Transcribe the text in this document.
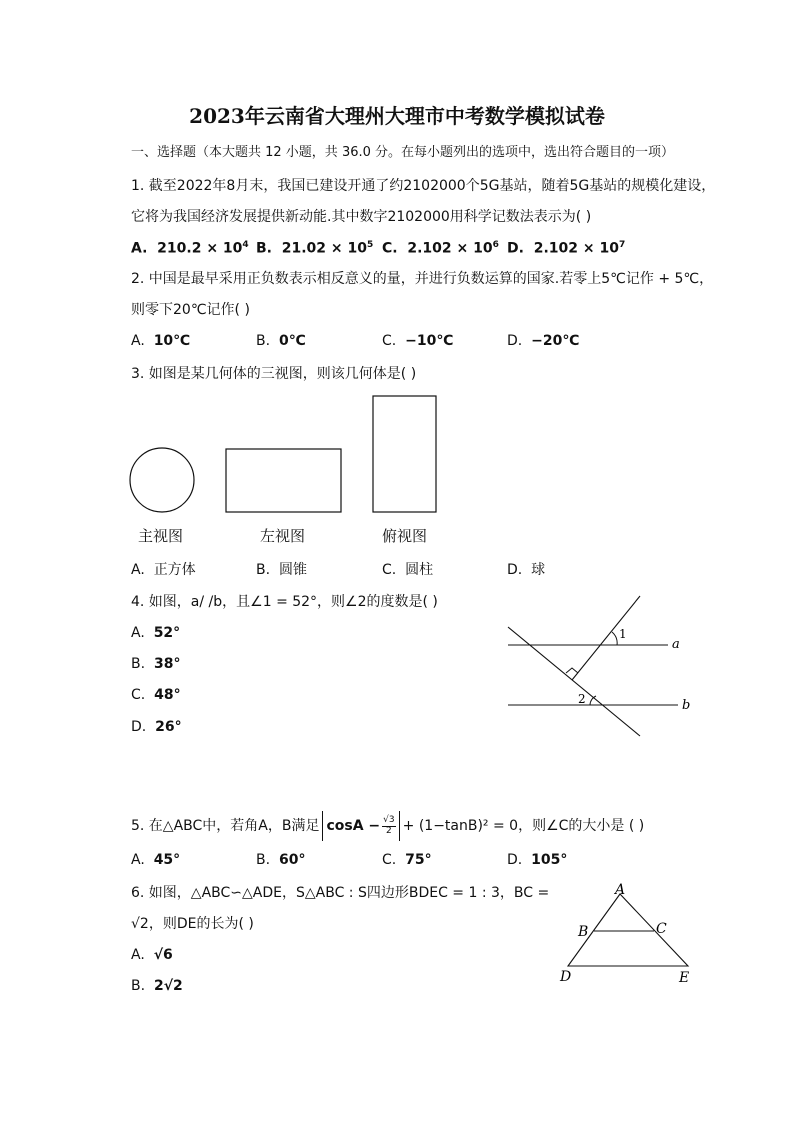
2023年云南省大理州大理市中考数学模拟试卷
一、选择题（本大题共 12 小题，共 36.0 分。在每小题列出的选项中，选出符合题目的一项）
1. 截至2022年8月末，我国已建设开通了约2102000个5G基站，随着5G基站的规模化建设，
它将为我国经济发展提供新动能.其中数字2102000用科学记数法表示为( )
A. $210.2 \times 10^4$ B. $21.02 \times 10^5$ C. $2.102 \times 10^6$ D. $2.102 \times 10^7$
2. 中国是最早采用正负数表示相反意义的量，并进行负数运算的国家.若零上5℃记作 + 5℃，
则零下20℃记作( )
A. 10℃	B. 0℃	C. −10℃	D. −20℃
3. 如图是某几何体的三视图，则该几何体是( )
主视图	左视图	俯视图
A. 正方体	B. 圆锥	C. 圆柱	D. 球
4. 如图，a/ /b，且∠1 = 52°，则∠2的度数是( )
A. 52°
B. 38°
C. 48°
D. 26°
1
2
a
b
5. 在△ABC中，若角A，B满足 $\cos A - \frac{√3}{2} + (1-\tan B)^2 = 0$，则∠C的大小是 ( )
A. 45°	B. 60°	C. 75°	D. 105°
6. 如图，△ABC∽△ADE，S△ABC : S四边形BDEC = 1 : 3，BC =
√2，则DE的长为( )
A. √6
B. 2√2
A
B	C
D	E
